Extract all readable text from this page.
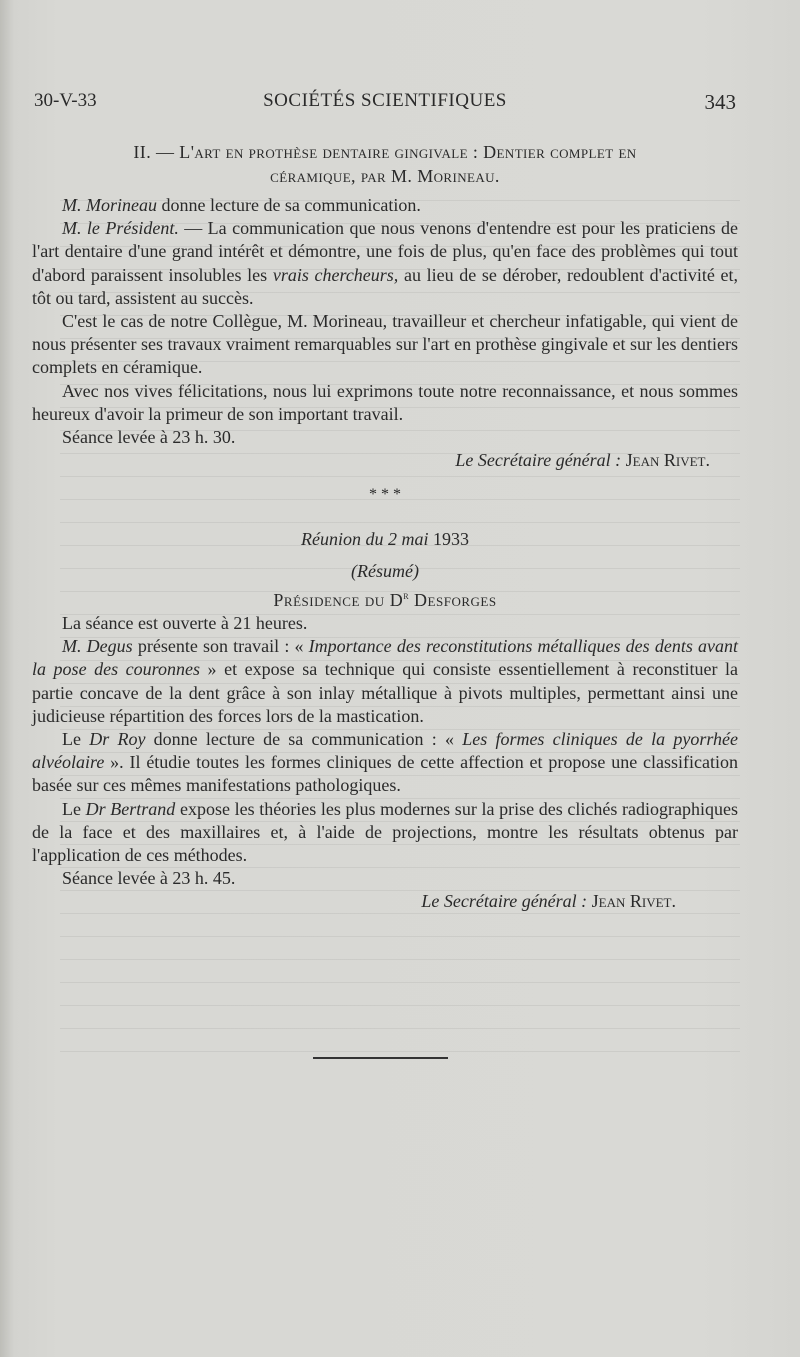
30-V-33	SOCIÉTÉS SCIENTIFIQUES	343
II. — L'art en prothèse dentaire gingivale : Dentier complet en
céramique, par M. Morineau.

M. Morineau donne lecture de sa communication.

M. le Président. — La communication que nous venons d'entendre est pour les praticiens de l'art dentaire d'une grand intérêt et démontre, une fois de plus, qu'en face des problèmes qui tout d'abord paraissent insolubles les vrais chercheurs, au lieu de se dérober, redoublent d'activité et, tôt ou tard, assistent au succès.

C'est le cas de notre Collègue, M. Morineau, travailleur et chercheur infatigable, qui vient de nous présenter ses travaux vraiment remarquables sur l'art en prothèse gingivale et sur les dentiers complets en céramique.

Avec nos vives félicitations, nous lui exprimons toute notre reconnaissance, et nous sommes heureux d'avoir la primeur de son important travail.

Séance levée à 23 h. 30.

Le Secrétaire général : Jean Rivet.
* * *
Réunion du 2 mai 1933
(Résumé)
Présidence du $D^r$ Desforges

La séance est ouverte à 21 heures.

M. Degus présente son travail : « Importance des reconstitutions métalliques des dents avant la pose des couronnes » et expose sa technique qui consiste essentiellement à reconstituer la partie concave de la dent grâce à son inlay métallique à pivots multiples, permettant ainsi une judicieuse répartition des forces lors de la mastication.

Le Dr Roy donne lecture de sa communication : « Les formes cliniques de la pyorrhée alvéolaire ». Il étudie toutes les formes cliniques de cette affection et propose une classification basée sur ces mêmes manifestations pathologiques.

Le Dr Bertrand expose les théories les plus modernes sur la prise des clichés radiographiques de la face et des maxillaires et, à l'aide de projections, montre les résultats obtenus par l'application de ces méthodes.

Séance levée à 23 h. 45.

Le Secrétaire général : Jean Rivet.
